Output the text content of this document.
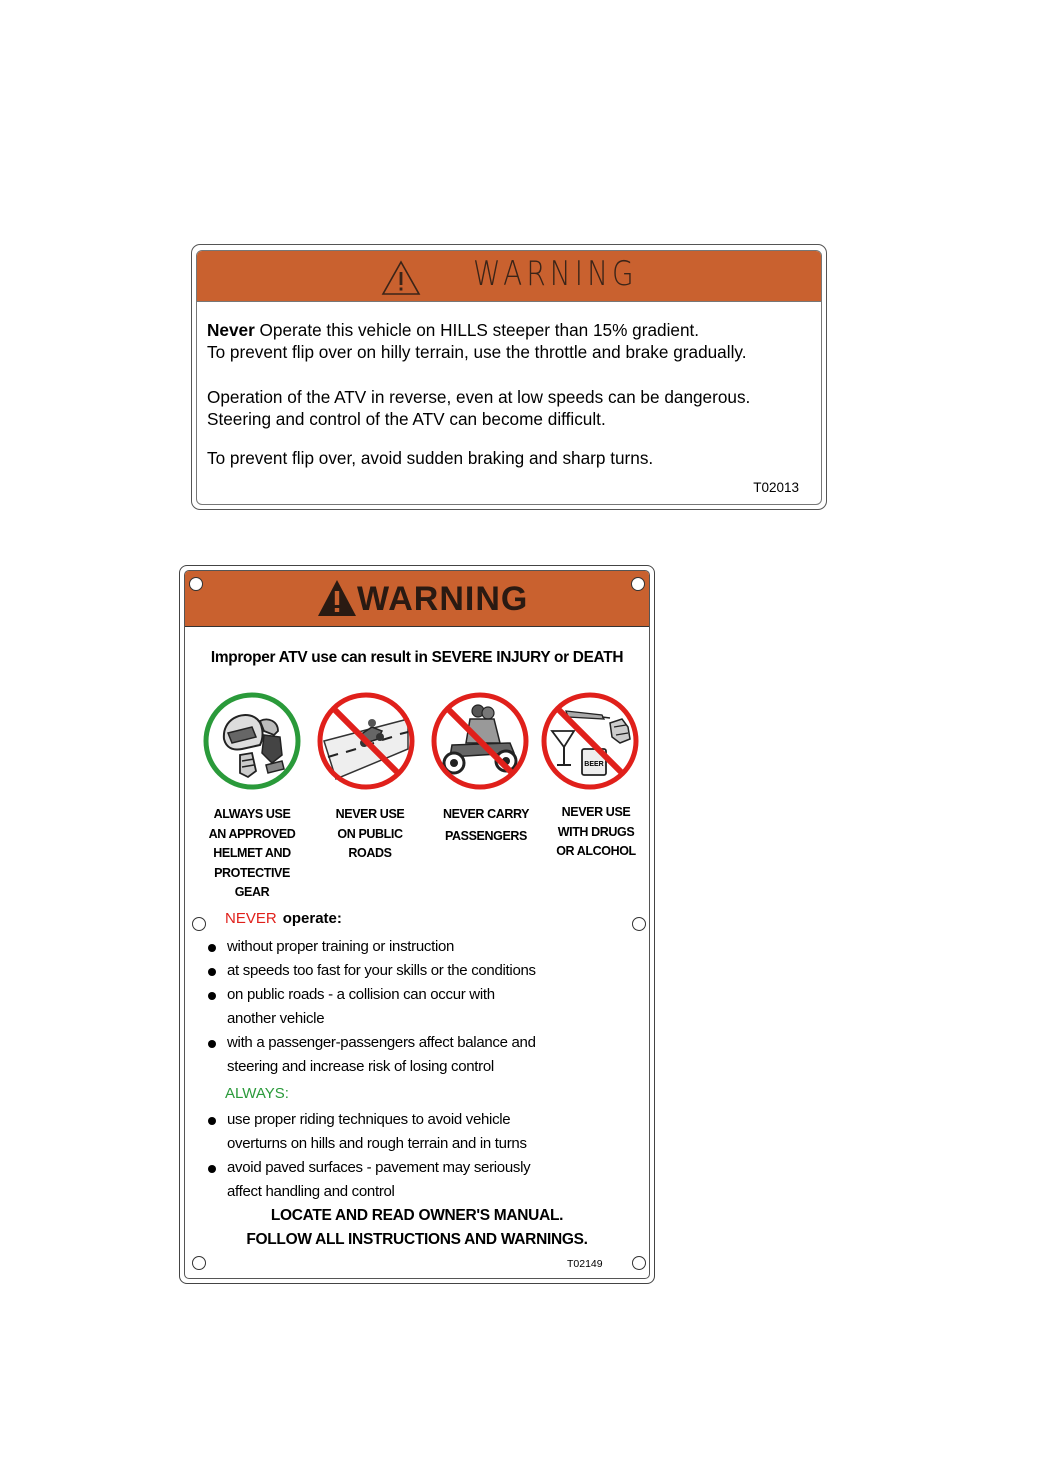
WARNING
Never Operate this vehicle on HILLS steeper than 15% gradient.
To prevent flip over on hilly terrain, use the throttle and brake gradually.
Operation of the ATV in reverse, even at low speeds can be dangerous.
Steering and control of the ATV can become difficult.
To prevent flip over, avoid sudden braking and sharp turns.
T02013
WARNING
Improper ATV use can result in SEVERE INJURY or DEATH
BEER
ALWAYS USE
AN APPROVED
HELMET AND
PROTECTIVE
GEAR
NEVER USE
ON PUBLIC
ROADS
NEVER CARRY
PASSENGERS
NEVER USE
WITH DRUGS
OR ALCOHOL
NEVER operate:
without proper training or instruction
at speeds too fast for your skills or the conditions
on public roads - a collision can occur with
another vehicle
with a passenger-passengers affect balance and
steering and increase risk of losing control
ALWAYS:
use proper riding techniques to avoid vehicle
overturns on hills and rough terrain and in turns
avoid paved surfaces - pavement may seriously
affect handling and control
LOCATE AND READ OWNER'S MANUAL.
FOLLOW ALL INSTRUCTIONS AND WARNINGS.
T02149
